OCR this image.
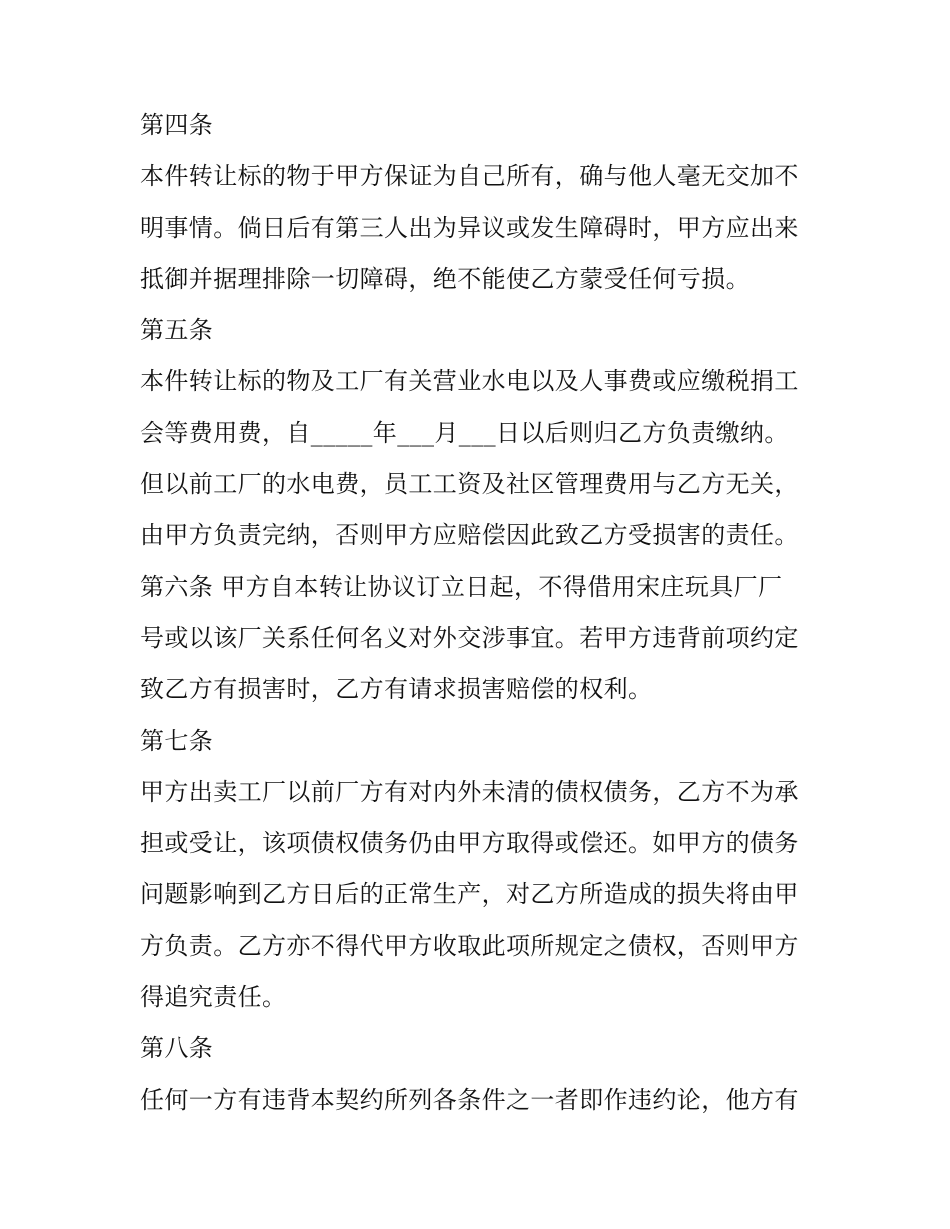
第四条
本件转让标的物于甲方保证为自己所有，确与他人毫无交加不
明事情。倘日后有第三人出为异议或发生障碍时，甲方应出来
抵御并据理排除一切障碍，绝不能使乙方蒙受任何亏损。
第五条
本件转让标的物及工厂有关营业水电以及人事费或应缴税捐工
会等费用费，自_____年___月___日以后则归乙方负责缴纳。
但以前工厂的水电费，员工工资及社区管理费用与乙方无关，
由甲方负责完纳，否则甲方应赔偿因此致乙方受损害的责任。
第六条 甲方自本转让协议订立日起，不得借用宋庄玩具厂厂
号或以该厂关系任何名义对外交涉事宜。若甲方违背前项约定
致乙方有损害时，乙方有请求损害赔偿的权利。
第七条
甲方出卖工厂以前厂方有对内外未清的债权债务，乙方不为承
担或受让，该项债权债务仍由甲方取得或偿还。如甲方的债务
问题影响到乙方日后的正常生产，对乙方所造成的损失将由甲
方负责。乙方亦不得代甲方收取此项所规定之债权，否则甲方
得追究责任。
第八条
任何一方有违背本契约所列各条件之一者即作违约论，他方有
